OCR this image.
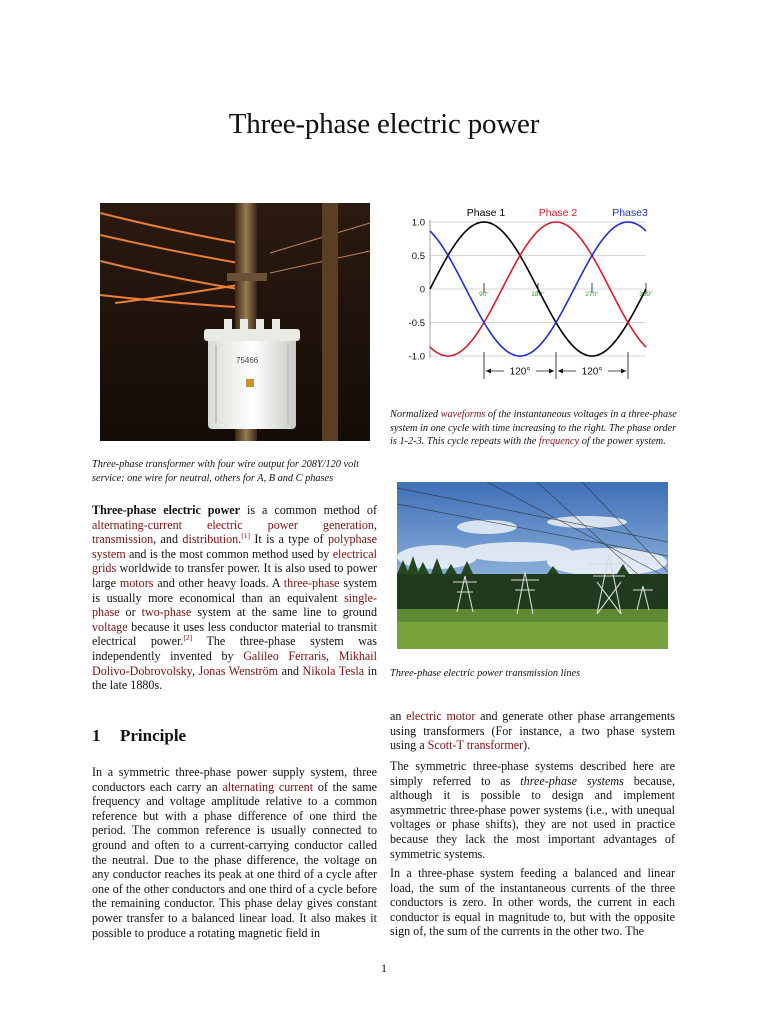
Three-phase electric power
75466

Three-phase transformer with four wire output for 208Y/120 volt service: one wire for neutral, others for A, B and C phases

1.0
0.5
0
-0.5
-1.0
90°	180°	270°	360°
Phase 1	Phase 2	Phase3
120°	120°

Normalized waveforms of the instantaneous voltages in a three-phase system in one cycle with time increasing to the right. The phase order is 1-2-3. This cycle repeats with the frequency of the power system.

Three-phase electric power transmission lines

Three-phase electric power is a common method of alternating-current electric power generation, transmission, and distribution.[1] It is a type of polyphase system and is the most common method used by electrical grids worldwide to transfer power. It is also used to power large motors and other heavy loads. A three-phase system is usually more economical than an equivalent single-phase or two-phase system at the same line to ground voltage because it uses less conductor material to transmit electrical power.[2] The three-phase system was independently invented by Galileo Ferraris, Mikhail Dolivo-Dobrovolsky, Jonas Wenström and Nikola Tesla in the late 1880s.

1 Principle

In a symmetric three-phase power supply system, three conductors each carry an alternating current of the same frequency and voltage amplitude relative to a common reference but with a phase difference of one third the period. The common reference is usually connected to ground and often to a current-carrying conductor called the neutral. Due to the phase difference, the voltage on any conductor reaches its peak at one third of a cycle after one of the other conductors and one third of a cycle before the remaining conductor. This phase delay gives constant power transfer to a balanced linear load. It also makes it possible to produce a rotating magnetic field in

an electric motor and generate other phase arrangements using transformers (For instance, a two phase system using a Scott-T transformer).

The symmetric three-phase systems described here are simply referred to as three-phase systems because, although it is possible to design and implement asymmetric three-phase power systems (i.e., with unequal voltages or phase shifts), they are not used in practice because they lack the most important advantages of symmetric systems.

In a three-phase system feeding a balanced and linear load, the sum of the instantaneous currents of the three conductors is zero. In other words, the current in each conductor is equal in magnitude to, but with the opposite sign of, the sum of the currents in the other two. The

1
